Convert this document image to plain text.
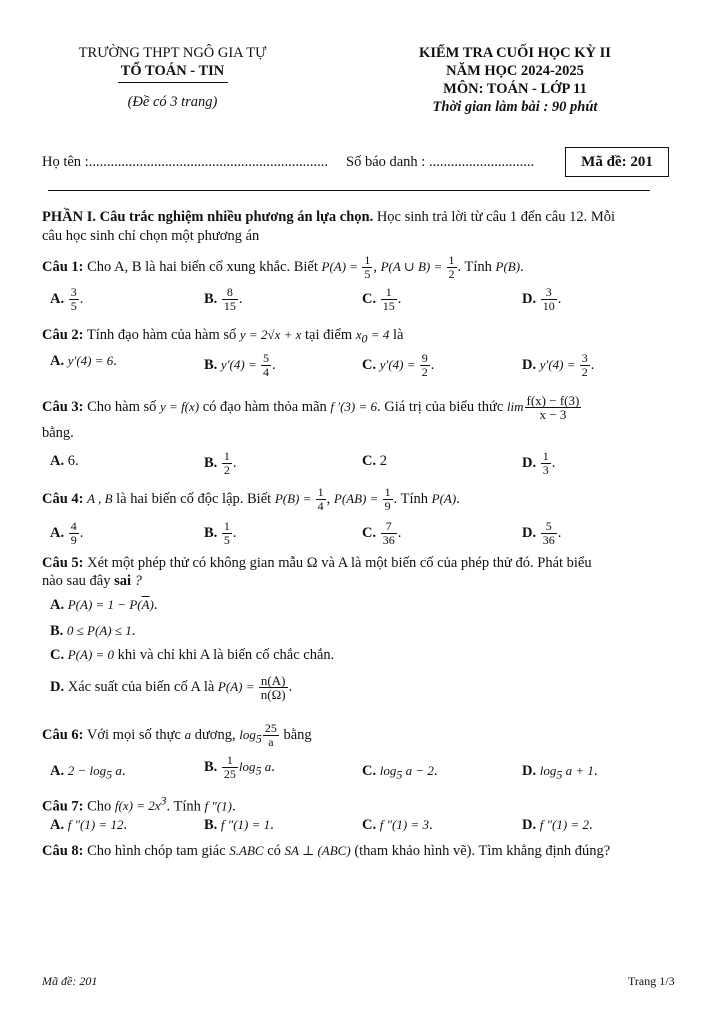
TRƯỜNG THPT NGÔ GIA TỰ
TỔ TOÁN - TIN
(Đề có 3 trang)
KIỂM TRA CUỐI HỌC KỲ II
NĂM HỌC 2024-2025
MÔN: TOÁN - LỚP 11
Thời gian làm bài : 90 phút
Họ tên :.................................................................. Số báo danh : .............................	Mã đề: 201
PHẦN I. Câu trắc nghiệm nhiều phương án lựa chọn. Học sinh trả lời từ câu 1 đến câu 12. Mỗi
câu học sinh chỉ chọn một phương án
Câu 1: Cho A, B là hai biến cố xung khắc. Biết $P(A) = \frac{1}{5}$ , P(A ∪ $B) = \frac{1}{2}$ . Tính P(B).
A. $\frac{3}{5}$ .	B. $\frac{8}{15}$ .	C. $\frac{1}{15}$ .	D. $\frac{3}{10}$ .
Câu 2: Tính đạo hàm của hàm số y = 2√x + x tại điểm $x_0 = 4$ là
A. y′(4) = 6.	B. $y'(4) = \frac{5}{4}$ .	C. $y'(4) = \frac{9}{2}$ .	D. $y'(4) = \frac{3}{2}$ .
Câu 3: Cho hàm số y = f(x) có đạo hàm thỏa mãn f ′(3) = 6. Giá trị của biểu thức $\lim \frac{f(x) - f(3)}{x - 3}$
bằng.
A. 6.	B. $\frac{1}{2}$ .	C. 2	D. $\frac{1}{3}$ .
Câu 4: A , B là hai biến cố độc lập. Biết $P(B) = \frac{1}{4}$ , $P(AB) = \frac{1}{9}$ . Tính P(A).
A. $\frac{4}{9}$ .	B. $\frac{1}{5}$ .	C. $\frac{7}{36}$ .	D. $\frac{5}{36}$ .
Câu 5: Xét một phép thử có không gian mẫu Ω và A là một biến cố của phép thử đó. Phát biểu
nào sau đây sai ?
A. $P(A) = 1 - P(\overline{A})$.
B. 0 ≤ P(A) ≤ 1.
C. P(A) = 0 khi và chỉ khi A là biến cố chắc chắn.
D. Xác suất của biến cố A là $P(A) = \frac{n(A)}{n(\Omega)}$ .
Câu 6: Với mọi số thực a dương, $\log_5 \frac{25}{a}$ bằng
A. $2 - \log_5 a$.	B. $\frac{1}{25} \log_5 a$.	C. $\log_5 a - 2$.	D. $\log_5 a + 1$.
Câu 7: Cho $f(x) = 2x^3$. Tính f ″(1).
A. f ″(1) = 12.	B. f ″(1) = 1.	C. f ″(1) = 3.	D. f ″(1) = 2.
Câu 8: Cho hình chóp tam giác S.ABC có SA ⊥ (ABC) (tham khảo hình vẽ). Tìm khẳng định đúng?
Mã đề: 201	Trang 1/3
